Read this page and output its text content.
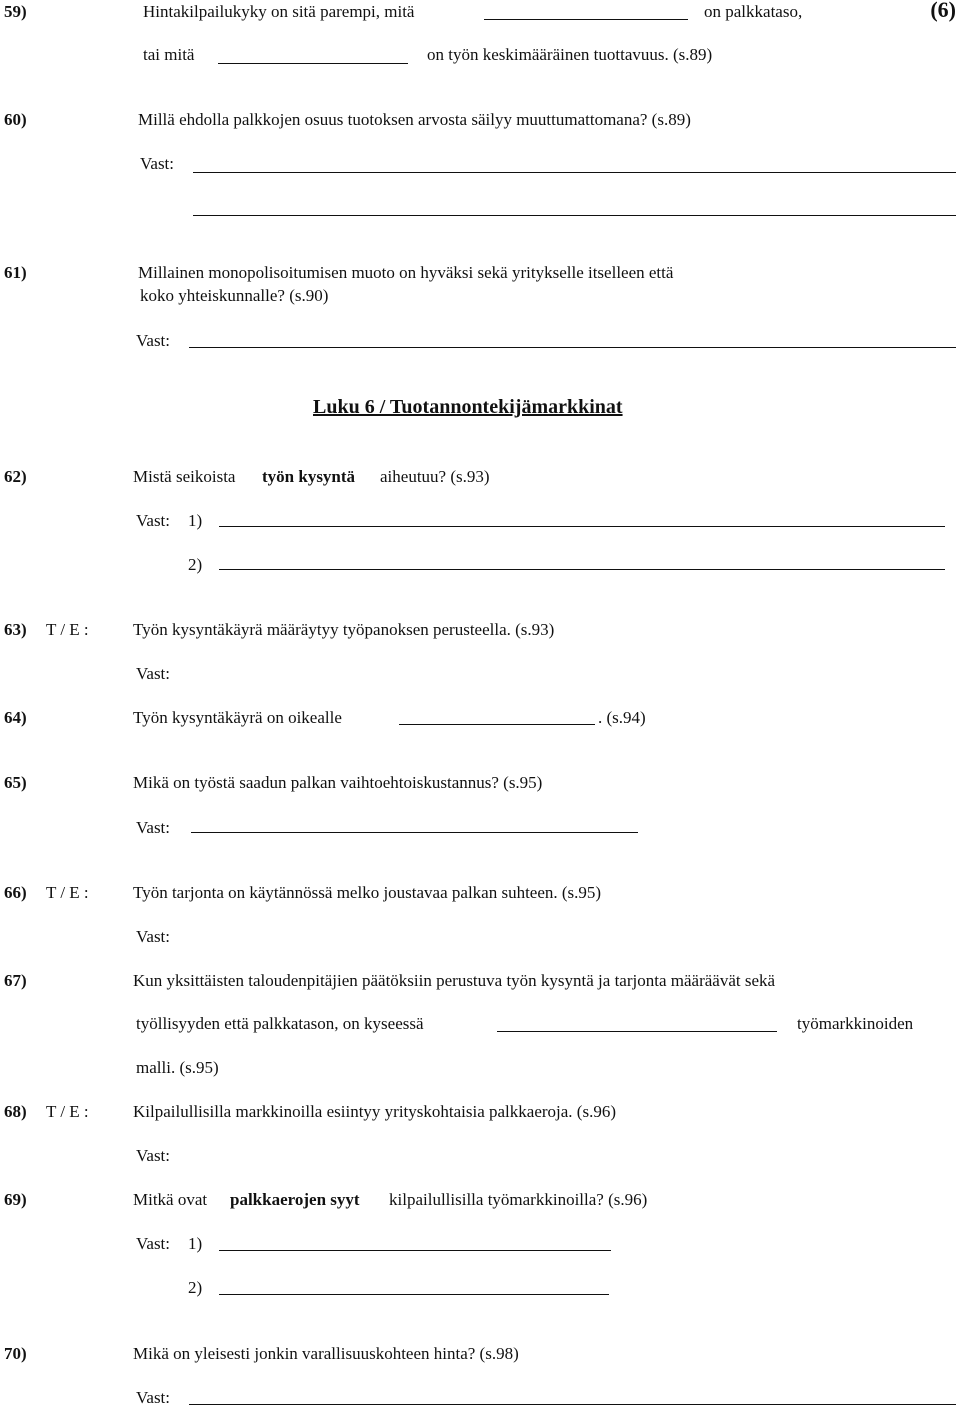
59)	Hintakilpailukyky on sitä parempi, mitä	on palkkataso,	(6)
tai mitä	on työn keskimääräinen tuottavuus. (s.89)
60)	Millä ehdolla palkkojen osuus tuotoksen arvosta säilyy muuttumattomana? (s.89)
Vast:
61)	Millainen monopolisoitumisen muoto on hyväksi sekä yritykselle itselleen että
koko yhteiskunnalle? (s.90)
Vast:
Luku 6 / Tuotannontekijämarkkinat
62)	Mistä seikoista työn kysyntä aiheutuu? (s.93)
Vast: 1)
2)
63) T / E :	Työn kysyntäkäyrä määräytyy työpanoksen perusteella. (s.93)
Vast:
64)	Työn kysyntäkäyrä on oikealle	. (s.94)
65)	Mikä on työstä saadun palkan vaihtoehtoiskustannus? (s.95)
Vast:
66) T / E :	Työn tarjonta on käytännössä melko joustavaa palkan suhteen. (s.95)
Vast:
67)	Kun yksittäisten taloudenpitäjien päätöksiin perustuva työn kysyntä ja tarjonta määräävät sekä
työllisyyden että palkkatason, on kyseessä	työmarkkinoiden
malli. (s.95)
68) T / E :	Kilpailullisilla markkinoilla esiintyy yrityskohtaisia palkkaeroja. (s.96)
Vast:
69)	Mitkä ovat palkkaerojen syyt kilpailullisilla työmarkkinoilla? (s.96)
Vast: 1)
2)
70)	Mikä on yleisesti jonkin varallisuuskohteen hinta? (s.98)
Vast:
